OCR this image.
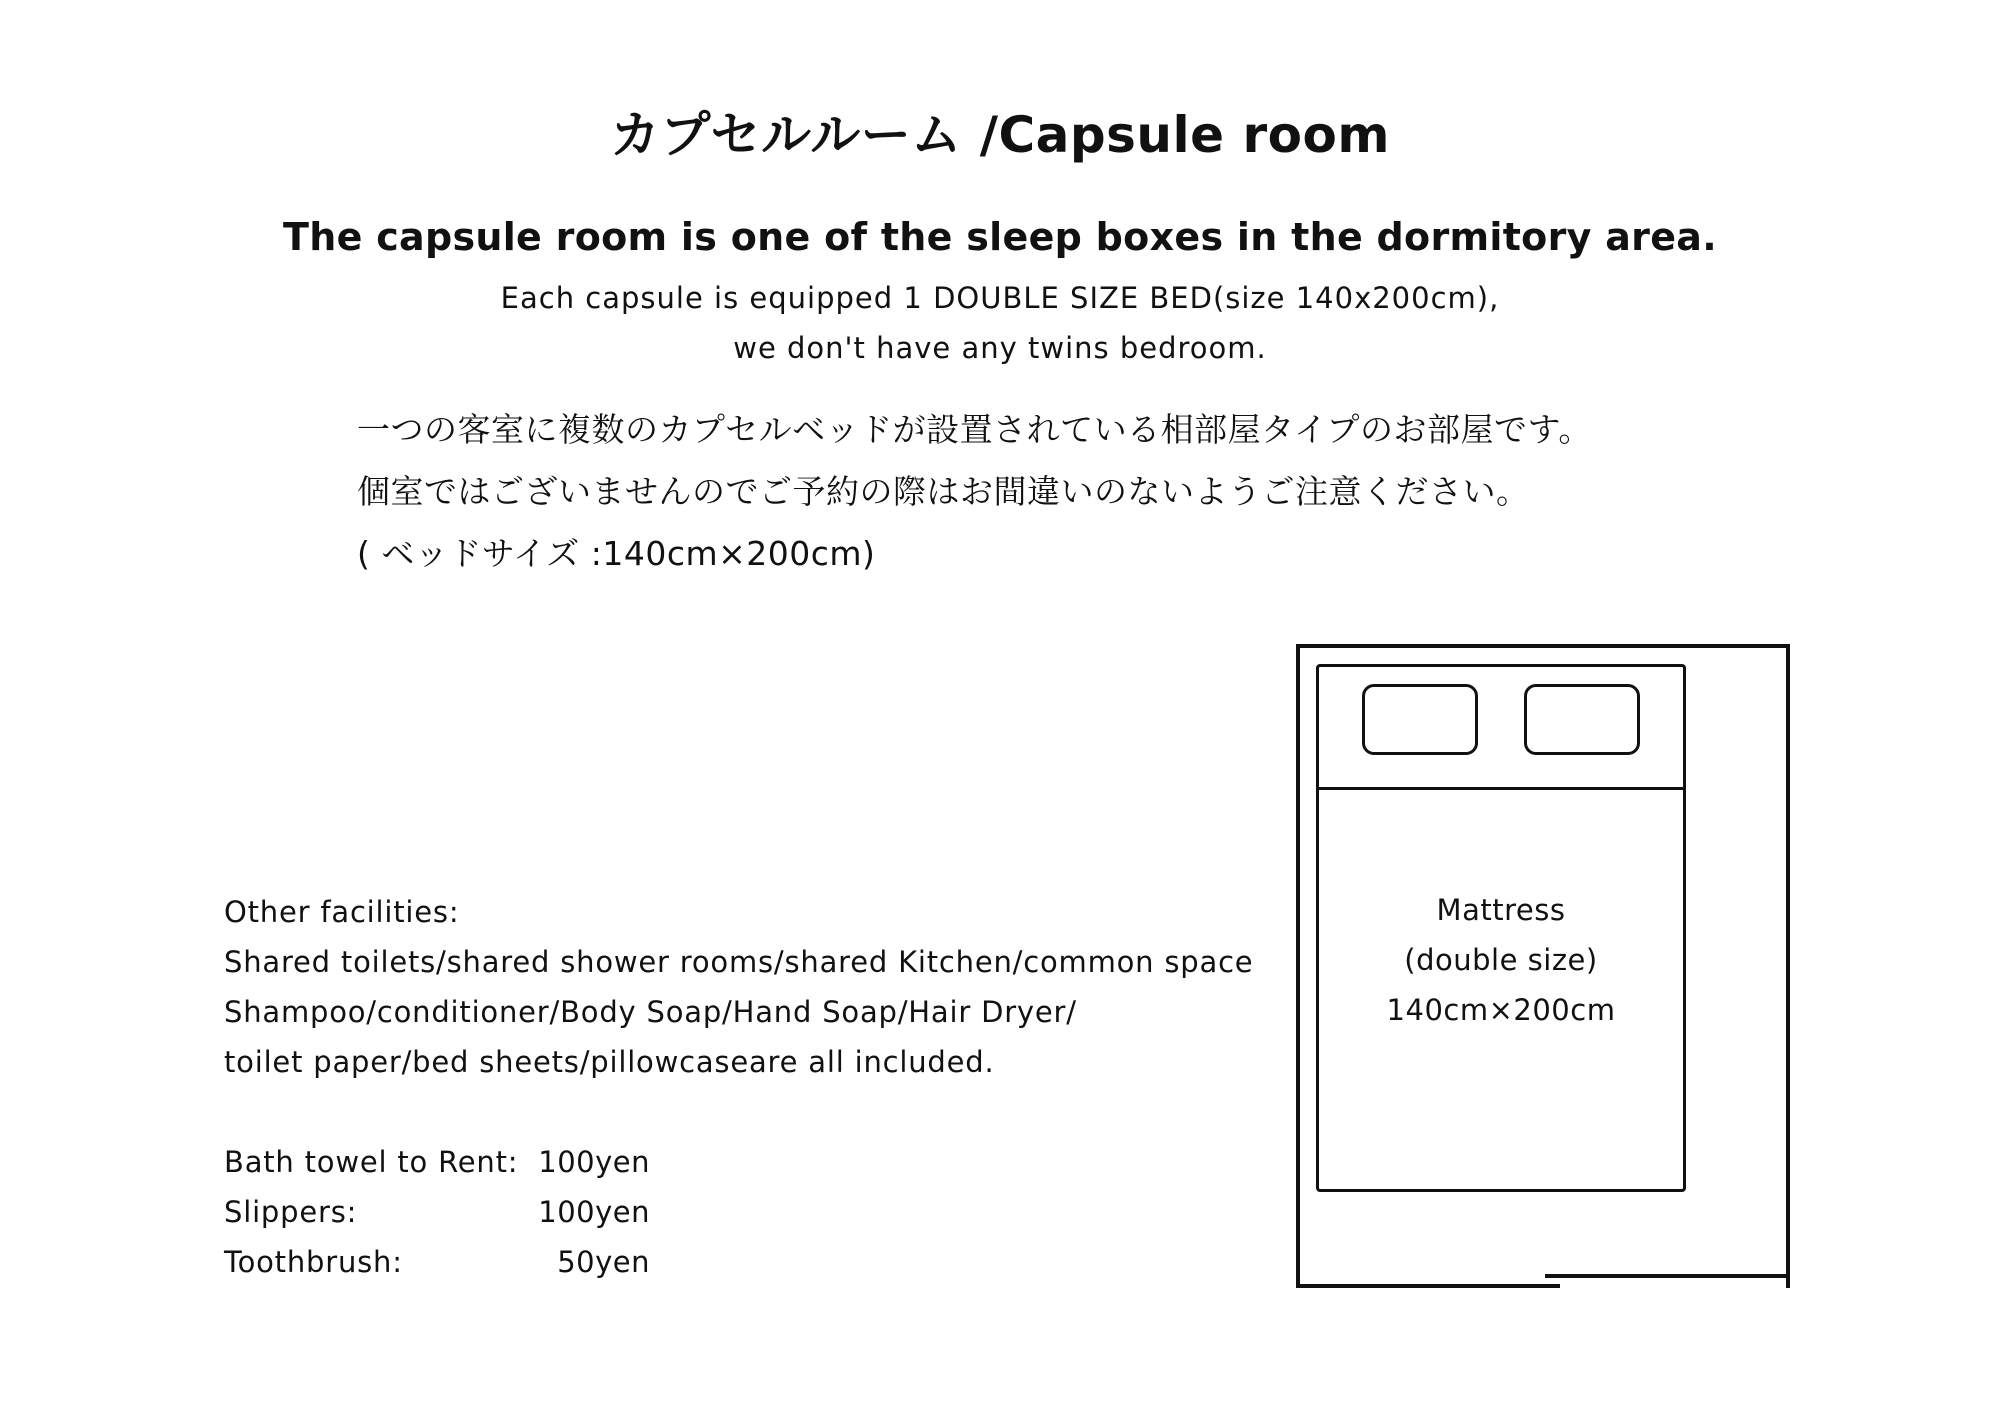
カプセルルーム /Capsule room
The capsule room is one of the sleep boxes in the dormitory area.
Each capsule is equipped 1 DOUBLE SIZE BED(size 140x200cm),
we don't have any twins bedroom.
一つの客室に複数のカプセルベッドが設置されている相部屋タイプのお部屋です。
個室ではございませんのでご予約の際はお間違いのないようご注意ください。
( ベッドサイズ :140cm×200cm)
Other facilities:
Shared toilets/shared shower rooms/shared Kitchen/common space
Shampoo/conditioner/Body Soap/Hand Soap/Hair Dryer/
toilet paper/bed sheets/pillowcaseare all included.
Bath towel to Rent: 100yen
Slippers:	100yen
Toothbrush:	50yen
Mattress
(double size)
140cm×200cm
